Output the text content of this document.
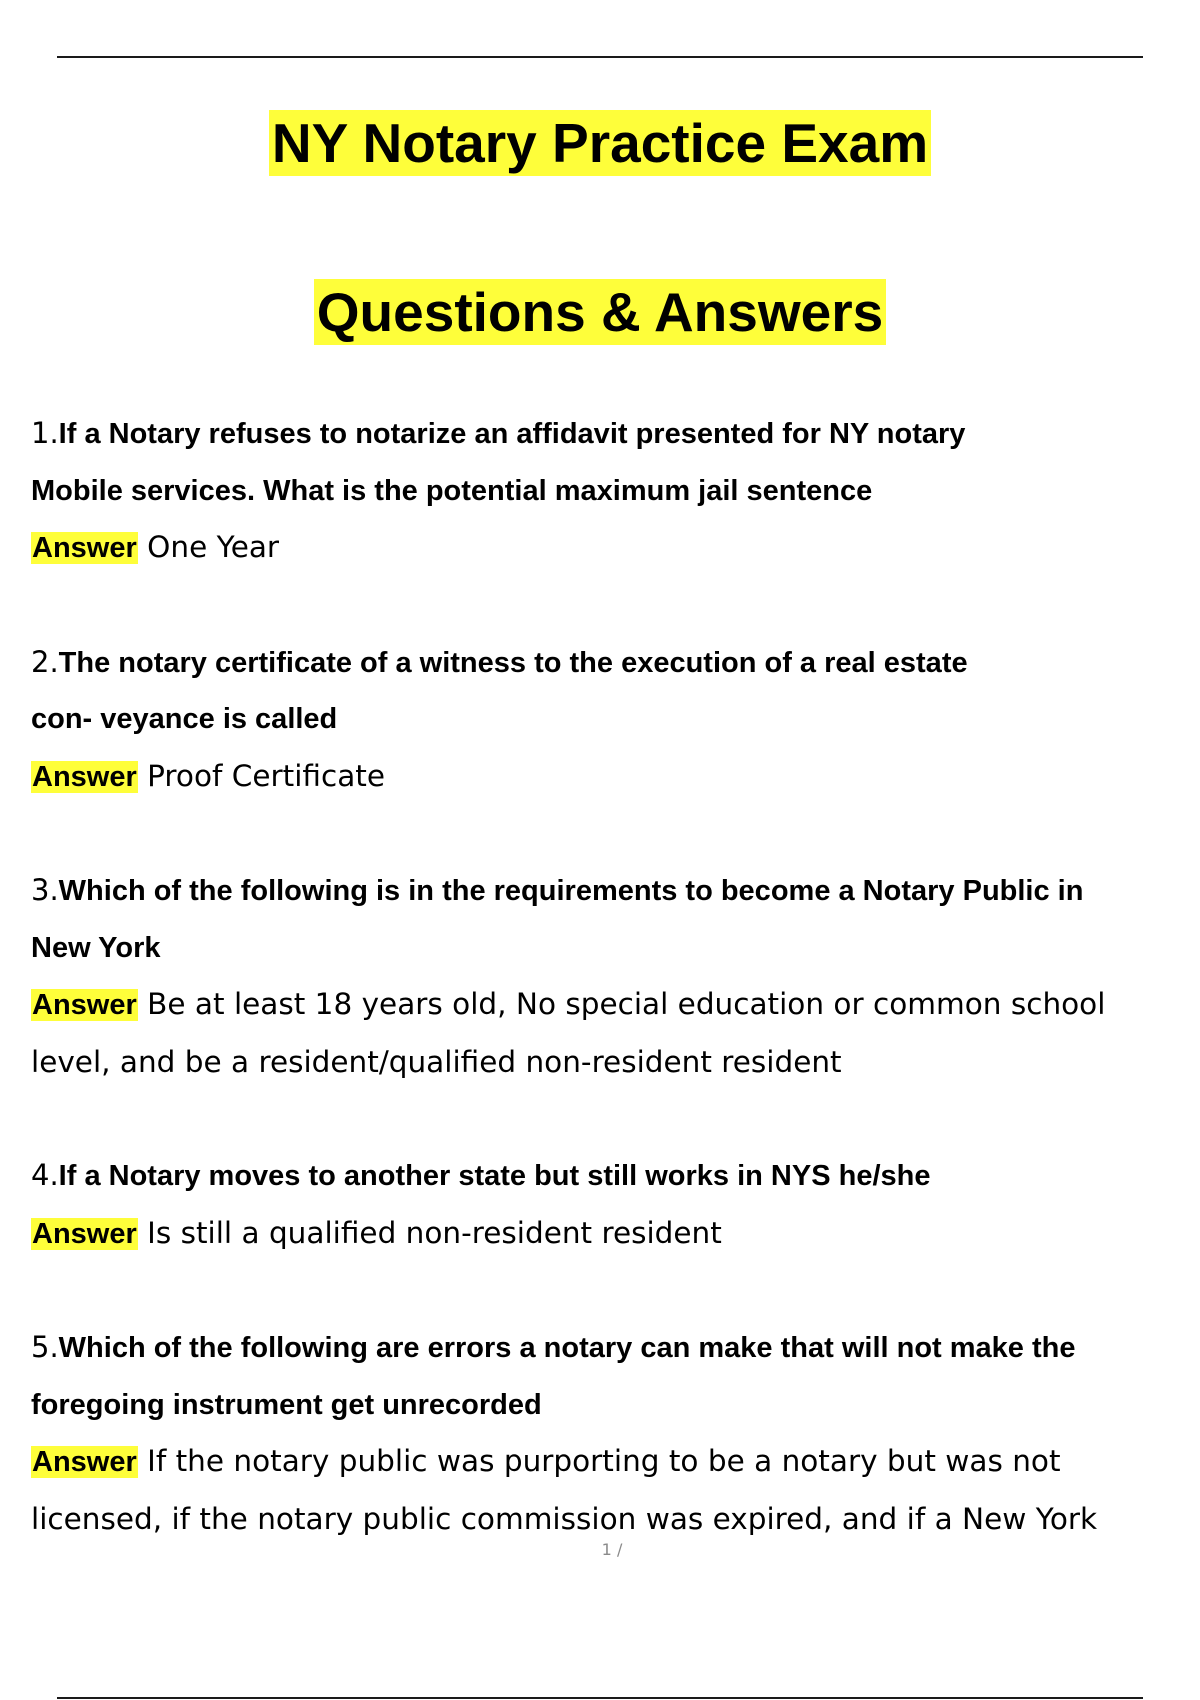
NY Notary Practice Exam
Questions & Answers
1.If a Notary refuses to notarize an affidavit presented for NY notary
Mobile services. What is the potential maximum jail sentence
Answer One Year
2.The notary certificate of a witness to the execution of a real estate
con- veyance is called
Answer Proof Certificate
3.Which of the following is in the requirements to become a Notary Public in
New York
Answer Be at least 18 years old, No special education or common school
level, and be a resident/qualified non-resident resident
4.If a Notary moves to another state but still works in NYS he/she
Answer Is still a qualified non-resident resident
5.Which of the following are errors a notary can make that will not make the
foregoing instrument get unrecorded
Answer If the notary public was purporting to be a notary but was not
licensed, if the notary public commission was expired, and if a New York
1 /
